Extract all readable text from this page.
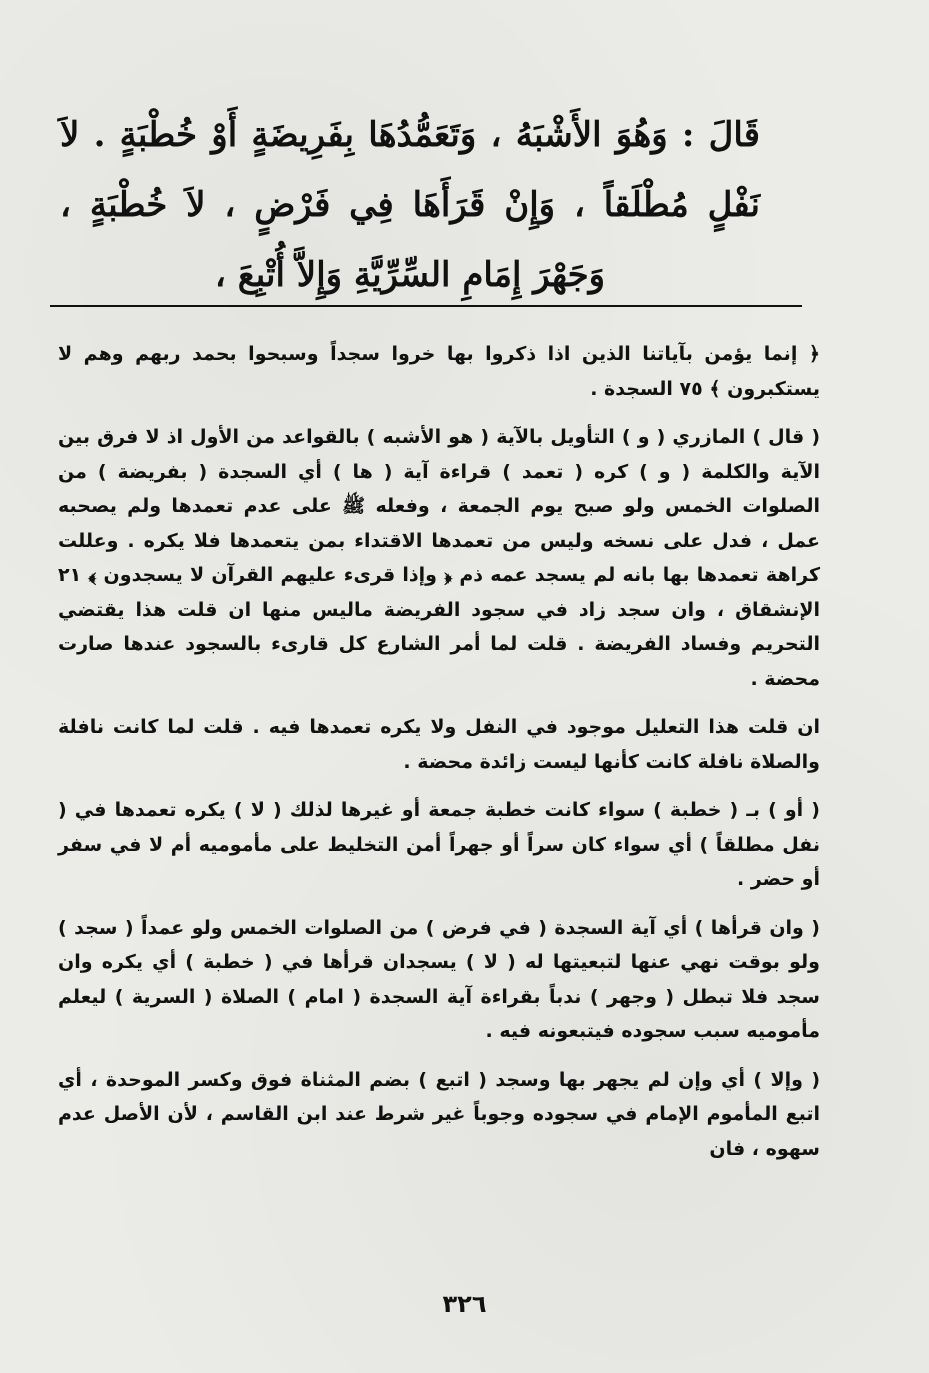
قَالَ : وَهُوَ الأَشْبَهُ ، وَتَعَمُّدُهَا بِفَرِيضَةٍ أَوْ خُطْبَةٍ . لاَ نَفْلٍ مُطْلَقاً ، وَإِنْ قَرَأَهَا فِي فَرْضٍ ، لاَ خُطْبَةٍ ، وَجَهْرَ إِمَامِ السِّرِّيَّةِ وَإِلاَّ أُتْبِعَ ،

﴿ إنما يؤمن بآياتنا الذين اذا ذكروا بها خروا سجداً وسبحوا بحمد ربهم وهم لا يستكبرون ﴾ ٧٥ السجدة .

( قال ) المازري ( و ) التأويل بالآية ( هو الأشبه ) بالقواعد من الأول اذ لا فرق بين الآية والكلمة ( و ) كره ( تعمد ) قراءة آية ( ها ) أي السجدة ( بفريضة ) من الصلوات الخمس ولو صبح يوم الجمعة ، وفعله ﷺ على عدم تعمدها ولم يصحبه عمل ، فدل على نسخه وليس من تعمدها الاقتداء بمن يتعمدها فلا يكره . وعللت كراهة تعمدها بها بانه لم يسجد عمه ذم ﴿ وإذا قرىء عليهم القرآن لا يسجدون ﴾ ٢١ الإنشقاق ، وان سجد زاد في سجود الفريضة ماليس منها ان قلت هذا يقتضي التحريم وفساد الفريضة . قلت لما أمر الشارع كل قارىء بالسجود عندها صارت محضة .

ان قلت هذا التعليل موجود في النفل ولا يكره تعمدها فيه . قلت لما كانت نافلة والصلاة نافلة كانت كأنها ليست زائدة محضة .

( أو ) بـ ( خطبة ) سواء كانت خطبة جمعة أو غيرها لذلك ( لا ) يكره تعمدها في ( نفل مطلقاً ) أي سواء كان سراً أو جهراً أمن التخليط على مأموميه أم لا في سفر أو حضر .

( وان قرأها ) أي آية السجدة ( في فرض ) من الصلوات الخمس ولو عمداً ( سجد ) ولو بوقت نهي عنها لتبعيتها له ( لا ) يسجدان قرأها في ( خطبة ) أي يكره وان سجد فلا تبطل ( وجهر ) ندباً بقراءة آية السجدة ( امام ) الصلاة ( السرية ) ليعلم مأموميه سبب سجوده فيتبعونه فيه .

( وإلا ) أي وإن لم يجهر بها وسجد ( اتبع ) بضم المثناة فوق وكسر الموحدة ، أي اتبع المأموم الإمام في سجوده وجوباً غير شرط عند ابن القاسم ، لأن الأصل عدم سهوه ، فان

٣٢٦
